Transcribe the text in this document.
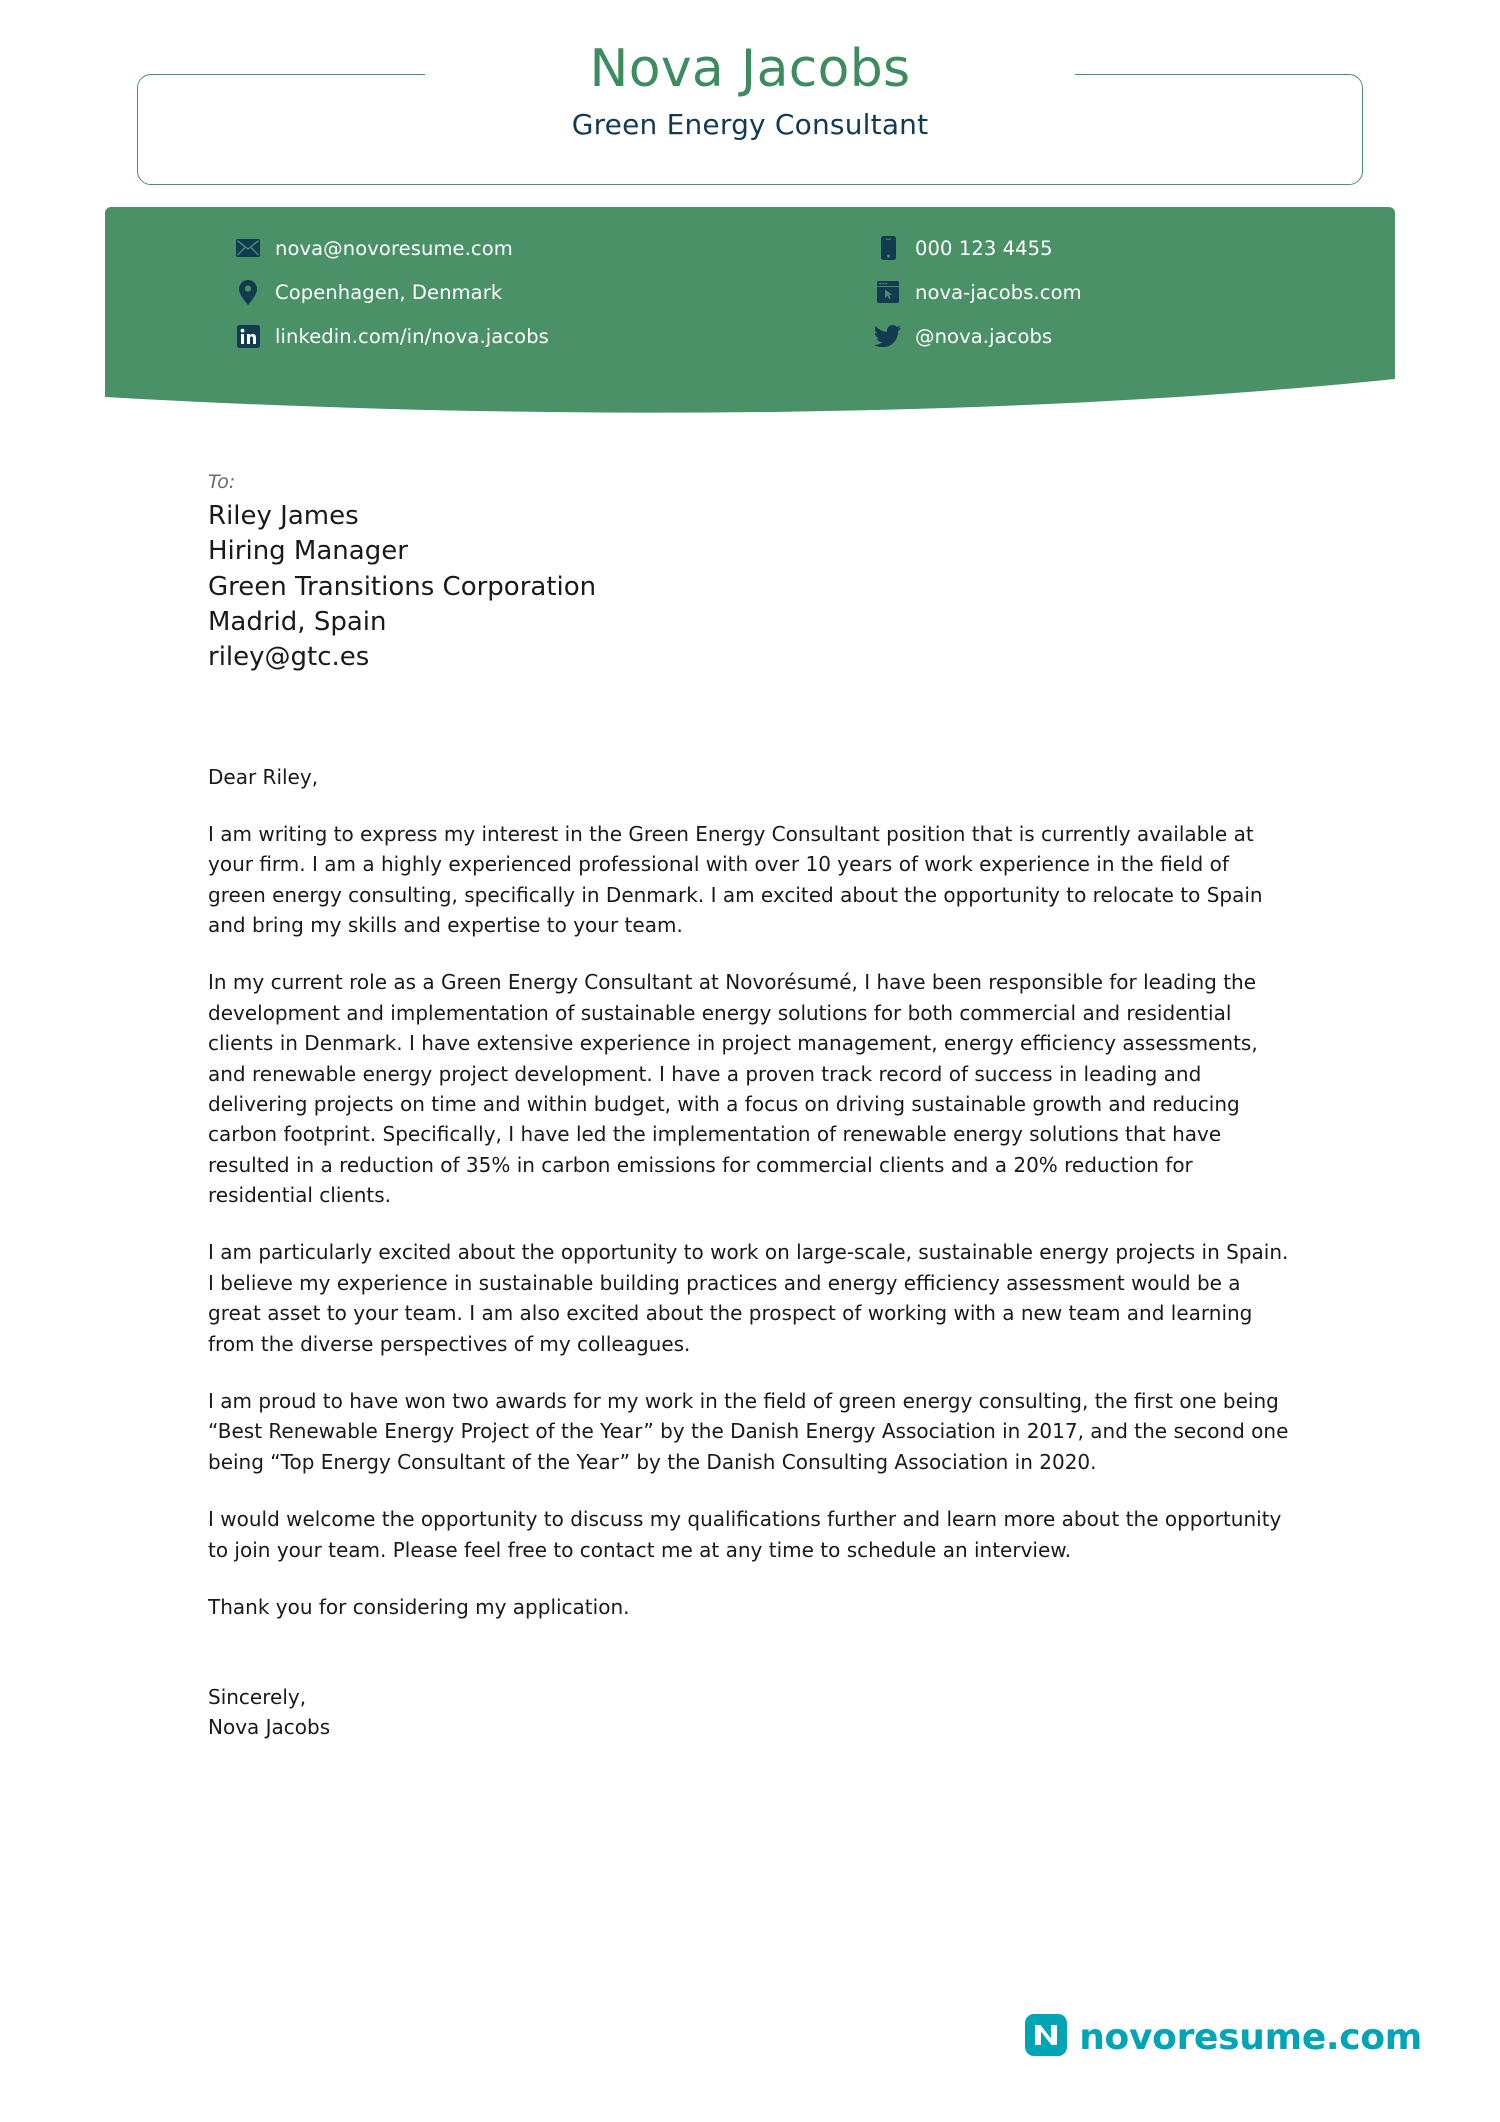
Nova Jacobs
Green Energy Consultant
nova@novoresume.com	000 123 4455
Copenhagen, Denmark	nova-jacobs.com
linkedin.com/in/nova.jacobs	@nova.jacobs
To:
Riley James
Hiring Manager
Green Transitions Corporation
Madrid, Spain
riley@gtc.es
Dear Riley,

I am writing to express my interest in the Green Energy Consultant position that is currently available at your firm. I am a highly experienced professional with over 10 years of work experience in the field of green energy consulting, specifically in Denmark. I am excited about the opportunity to relocate to Spain and bring my skills and expertise to your team.

In my current role as a Green Energy Consultant at Novorésumé, I have been responsible for leading the development and implementation of sustainable energy solutions for both commercial and residential clients in Denmark. I have extensive experience in project management, energy efficiency assessments, and renewable energy project development. I have a proven track record of success in leading and delivering projects on time and within budget, with a focus on driving sustainable growth and reducing carbon footprint. Specifically, I have led the implementation of renewable energy solutions that have resulted in a reduction of 35% in carbon emissions for commercial clients and a 20% reduction for residential clients.

I am particularly excited about the opportunity to work on large-scale, sustainable energy projects in Spain. I believe my experience in sustainable building practices and energy efficiency assessment would be a great asset to your team. I am also excited about the prospect of working with a new team and learning from the diverse perspectives of my colleagues.

I am proud to have won two awards for my work in the field of green energy consulting, the first one being “Best Renewable Energy Project of the Year” by the Danish Energy Association in 2017, and the second one being “Top Energy Consultant of the Year” by the Danish Consulting Association in 2020.

I would welcome the opportunity to discuss my qualifications further and learn more about the opportunity to join your team. Please feel free to contact me at any time to schedule an interview.

Thank you for considering my application.

Sincerely,
Nova Jacobs
novoresume.com
